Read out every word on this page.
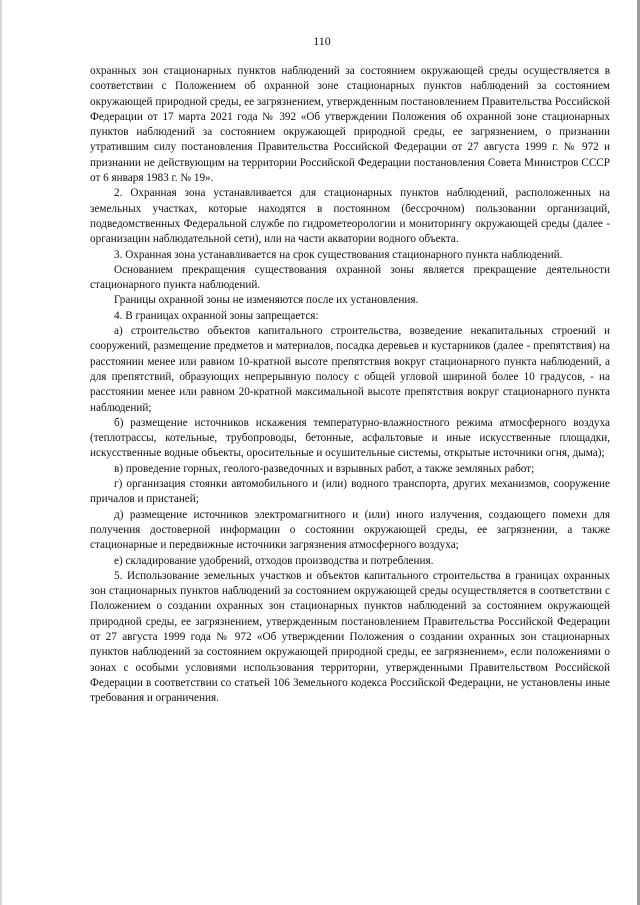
110

охранных зон стационарных пунктов наблюдений за состоянием окружающей среды осуществляется в соответствии с Положением об охранной зоне стационарных пунктов наблюдений за состоянием окружающей природной среды, ее загрязнением, утвержденным постановлением Правительства Российской Федерации от 17 марта 2021 года № 392 «Об утверждении Положения об охранной зоне стационарных пунктов наблюдений за состоянием окружающей природной среды, ее загрязнением, о признании утратившим силу постановления Правительства Российской Федерации от 27 августа 1999 г. № 972 и признании не действующим на территории Российской Федерации постановления Совета Министров СССР от 6 января 1983 г. № 19».

2. Охранная зона устанавливается для стационарных пунктов наблюдений, расположенных на земельных участках, которые находятся в постоянном (бессрочном) пользовании организаций, подведомственных Федеральной службе по гидрометеорологии и мониторингу окружающей среды (далее - организации наблюдательной сети), или на части акватории водного объекта.

3. Охранная зона устанавливается на срок существования стационарного пункта наблюдений.

Основанием прекращения существования охранной зоны является прекращение деятельности стационарного пункта наблюдений.

Границы охранной зоны не изменяются после их установления.

4. В границах охранной зоны запрещается:

а) строительство объектов капитального строительства, возведение некапитальных строений и сооружений, размещение предметов и материалов, посадка деревьев и кустарников (далее - препятствия) на расстоянии менее или равном 10-кратной высоте препятствия вокруг стационарного пункта наблюдений, а для препятствий, образующих непрерывную полосу с общей угловой шириной более 10 градусов, - на расстоянии менее или равном 20-кратной максимальной высоте препятствия вокруг стационарного пункта наблюдений;

б) размещение источников искажения температурно-влажностного режима атмосферного воздуха (теплотрассы, котельные, трубопроводы, бетонные, асфальтовые и иные искусственные площадки, искусственные водные объекты, оросительные и осушительные системы, открытые источники огня, дыма);

в) проведение горных, геолого-разведочных и взрывных работ, а также земляных работ;

г) организация стоянки автомобильного и (или) водного транспорта, других механизмов, сооружение причалов и пристаней;

д) размещение источников электромагнитного и (или) иного излучения, создающего помехи для получения достоверной информации о состоянии окружающей среды, ее загрязнении, а также стационарные и передвижные источники загрязнения атмосферного воздуха;

е) складирование удобрений, отходов производства и потребления.

5. Использование земельных участков и объектов капитального строительства в границах охранных зон стационарных пунктов наблюдений за состоянием окружающей среды осуществляется в соответствии с Положением о создании охранных зон стационарных пунктов наблюдений за состоянием окружающей природной среды, ее загрязнением, утвержденным постановлением Правительства Российской Федерации от 27 августа 1999 года № 972 «Об утверждении Положения о создании охранных зон стационарных пунктов наблюдений за состоянием окружающей природной среды, ее загрязнением», если положениями о зонах с особыми условиями использования территории, утвержденными Правительством Российской Федерации в соответствии со статьей 106 Земельного кодекса Российской Федерации, не установлены иные требования и ограничения.
